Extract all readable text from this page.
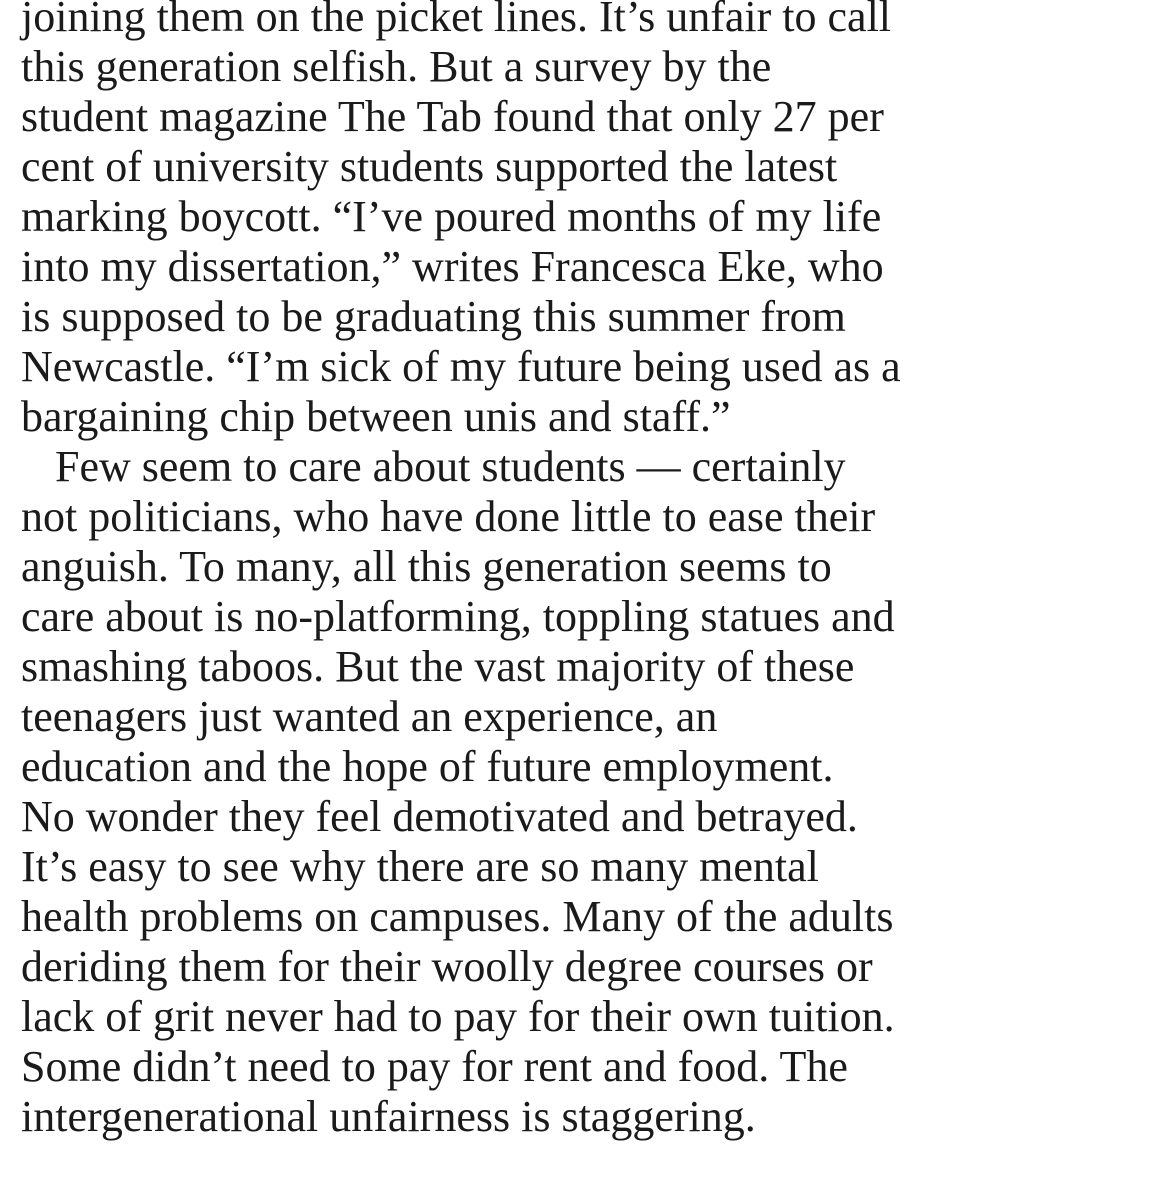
joining them on the picket lines. It’s unfair to call
this generation selfish. But a survey by the
student magazine The Tab found that only 27 per
cent of university students supported the latest
marking boycott. “I’ve poured months of my life
into my dissertation,” writes Francesca Eke, who
is supposed to be graduating this summer from
Newcastle. “I’m sick of my future being used as a
bargaining chip between unis and staff.”
Few seem to care about students — certainly
not politicians, who have done little to ease their
anguish. To many, all this generation seems to
care about is no-platforming, toppling statues and
smashing taboos. But the vast majority of these
teenagers just wanted an experience, an
education and the hope of future employment.
No wonder they feel demotivated and betrayed.
It’s easy to see why there are so many mental
health problems on campuses. Many of the adults
deriding them for their woolly degree courses or
lack of grit never had to pay for their own tuition.
Some didn’t need to pay for rent and food. The
intergenerational unfairness is staggering.
